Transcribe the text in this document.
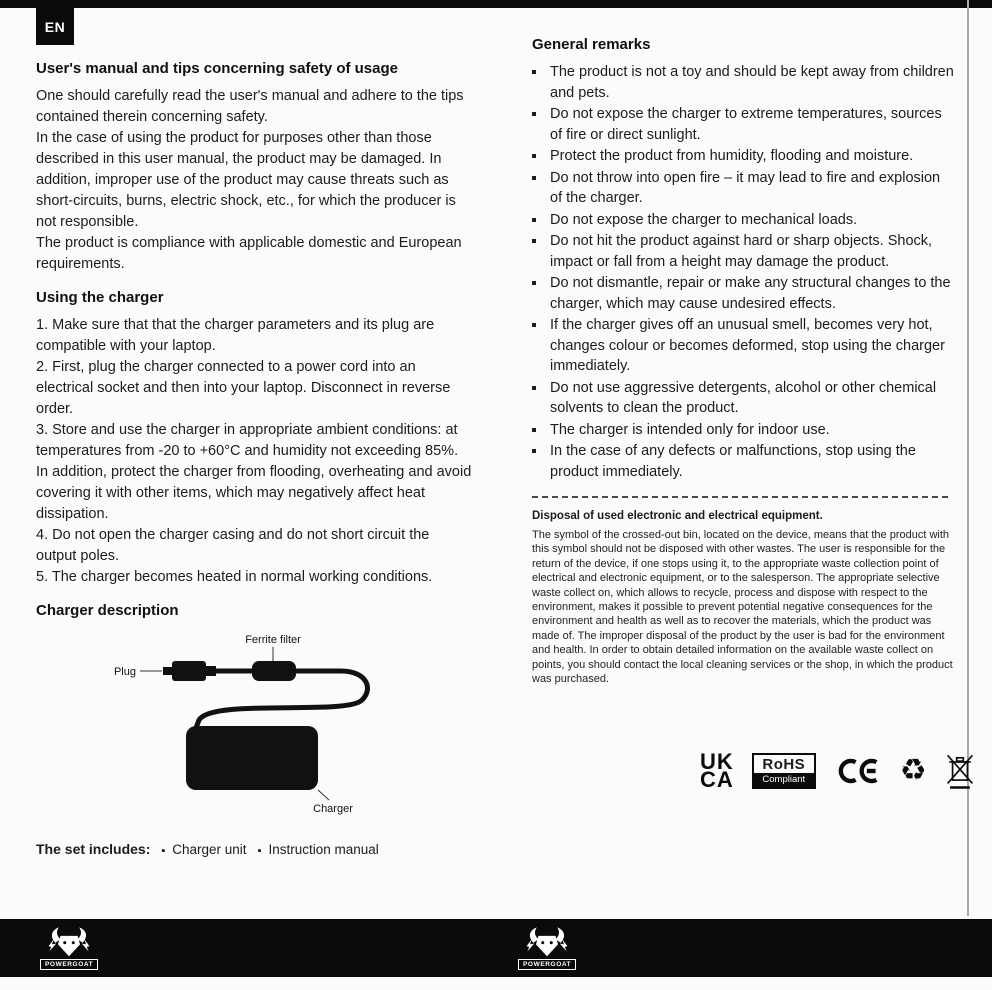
EN
User's manual and tips concerning safety of usage

One should carefully read the user's manual and adhere to the tips contained therein concerning safety.

In the case of using the product for purposes other than those described in this user manual, the product may be damaged. In addition, improper use of the product may cause threats such as short-circuits, burns, electric shock, etc., for which the producer is not responsible.

The product is compliance with applicable domestic and European requirements.

Using the charger
1. Make sure that that the charger parameters and its plug are compatible with your laptop.
2. First, plug the charger connected to a power cord into an electrical socket and then into your laptop. Disconnect in reverse order.
3. Store and use the charger in appropriate ambient conditions: at temperatures from -20 to +60°C and humidity not exceeding 85%. In addition, protect the charger from flooding, overheating and avoid covering it with other items, which may negatively affect heat dissipation.
4. Do not open the charger casing and do not short circuit the output poles.
5. The charger becomes heated in normal working conditions.
Charger description
Ferrite filter
Plug
Charger
The set includes:	▪ Charger unit	▪ Instruction manual
General remarks
▪ The product is not a toy and should be kept away from children and pets.
▪ Do not expose the charger to extreme temperatures, sources of fire or direct sunlight.
▪ Protect the product from humidity, flooding and moisture.
▪ Do not throw into open fire – it may lead to fire and explosion of the charger.
▪ Do not expose the charger to mechanical loads.
▪ Do not hit the product against hard or sharp objects. Shock, impact or fall from a height may damage the product.
▪ Do not dismantle, repair or make any structural changes to the charger, which may cause undesired effects.
▪ If the charger gives off an unusual smell, becomes very hot, changes colour or becomes deformed, stop using the charger immediately.
▪ Do not use aggressive detergents, alcohol or other chemical solvents to clean the product.
▪ The charger is intended only for indoor use.
▪ In the case of any defects or malfunctions, stop using the product immediately.
Disposal of used electronic and electrical equipment.
The symbol of the crossed-out bin, located on the device, means that the product with this symbol should not be disposed with other wastes. The user is responsible for the return of the device, if one stops using it, to the appropriate waste collection point of electrical and electronic equipment, or to the salesperson. The appropriate selective waste collect on, which allows to recycle, process and dispose with respect to the environment, makes it possible to prevent potential negative consequences for the environment and health as well as to recover the materials, which the product was made of. The improper disposal of the product by the user is bad for the environment and health. In order to obtain detailed information on the available waste collect on points, you should contact the local cleaning services or the shop, in which the product was purchased.
UK
CA
RoHS
Compliant	♻
POWERGOAT	POWERGOAT
